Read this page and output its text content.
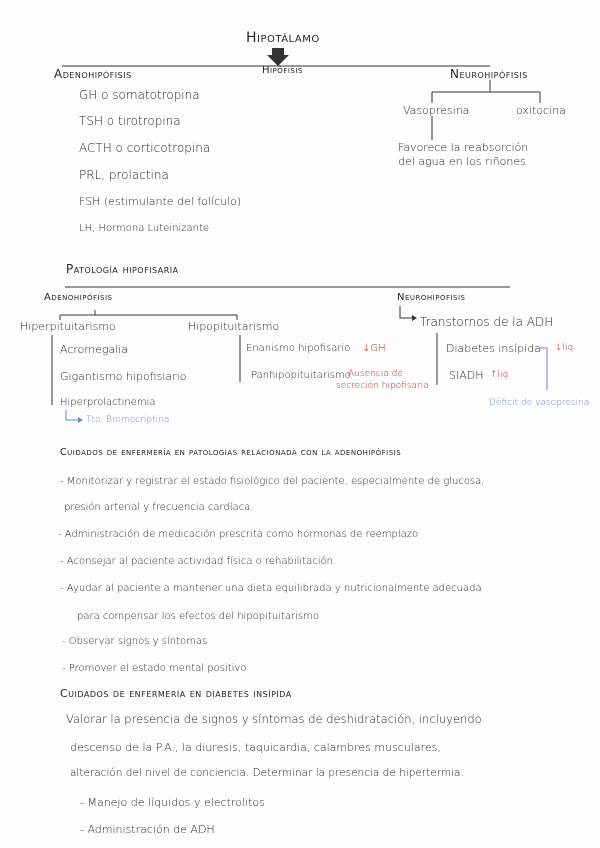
Hipotálamo
Hipófisis
Adenohipófisis
GH o somatotropina
TSH o tirotropina
ACTH o corticotropina
PRL, prolactina
FSH (estimulante del folículo)
LH, Hormona Luteinizante
Neurohipófisis
Vasopresina	oxitocina
Favorece la reabsorción
del agua en los riñones
Patología hipofisaria
Adenohipófisis	Neurohipófisis
Hiperpituitarismo	Hipopituitarismo
Acromegalia
Gigantismo hipofisiario
Hiperprolactinemia
Tto. Bromocriptina
Enanismo hipofisario ↓GH
Panhipopituitarismo
Ausencia de
secreción hipofisaria
Transtornos de la ADH
Diabetes insípida ↓liq.
SIADH ↑liq.
Déficit de vasopresina
Cuidados de enfermería en patologías relacionada con la adenohipófisis
- Monitorizar y registrar el estado fisiológico del paciente, especialmente de glucosa,
presión arterial y frecuencia cardíaca.
- Administración de medicación prescrita como hormonas de reemplazo
- Aconsejar al paciente actividad física o rehabilitación.
- Ayudar al paciente a mantener una dieta equilibrada y nutricionalmente adecuada
para compensar los efectos del hipopituitarismo
- Observar signos y síntomas
- Promover el estado mental positivo
Cuidados de enfermería en diabetes insípida
Valorar la presencia de signos y síntomas de deshidratación, incluyendo
descenso de la P.A., la diuresis, taquicardia, calambres musculares,
alteración del nivel de conciencia. Determinar la presencia de hipertermia.
- Manejo de líquidos y electrolitos
- Administración de ADH
